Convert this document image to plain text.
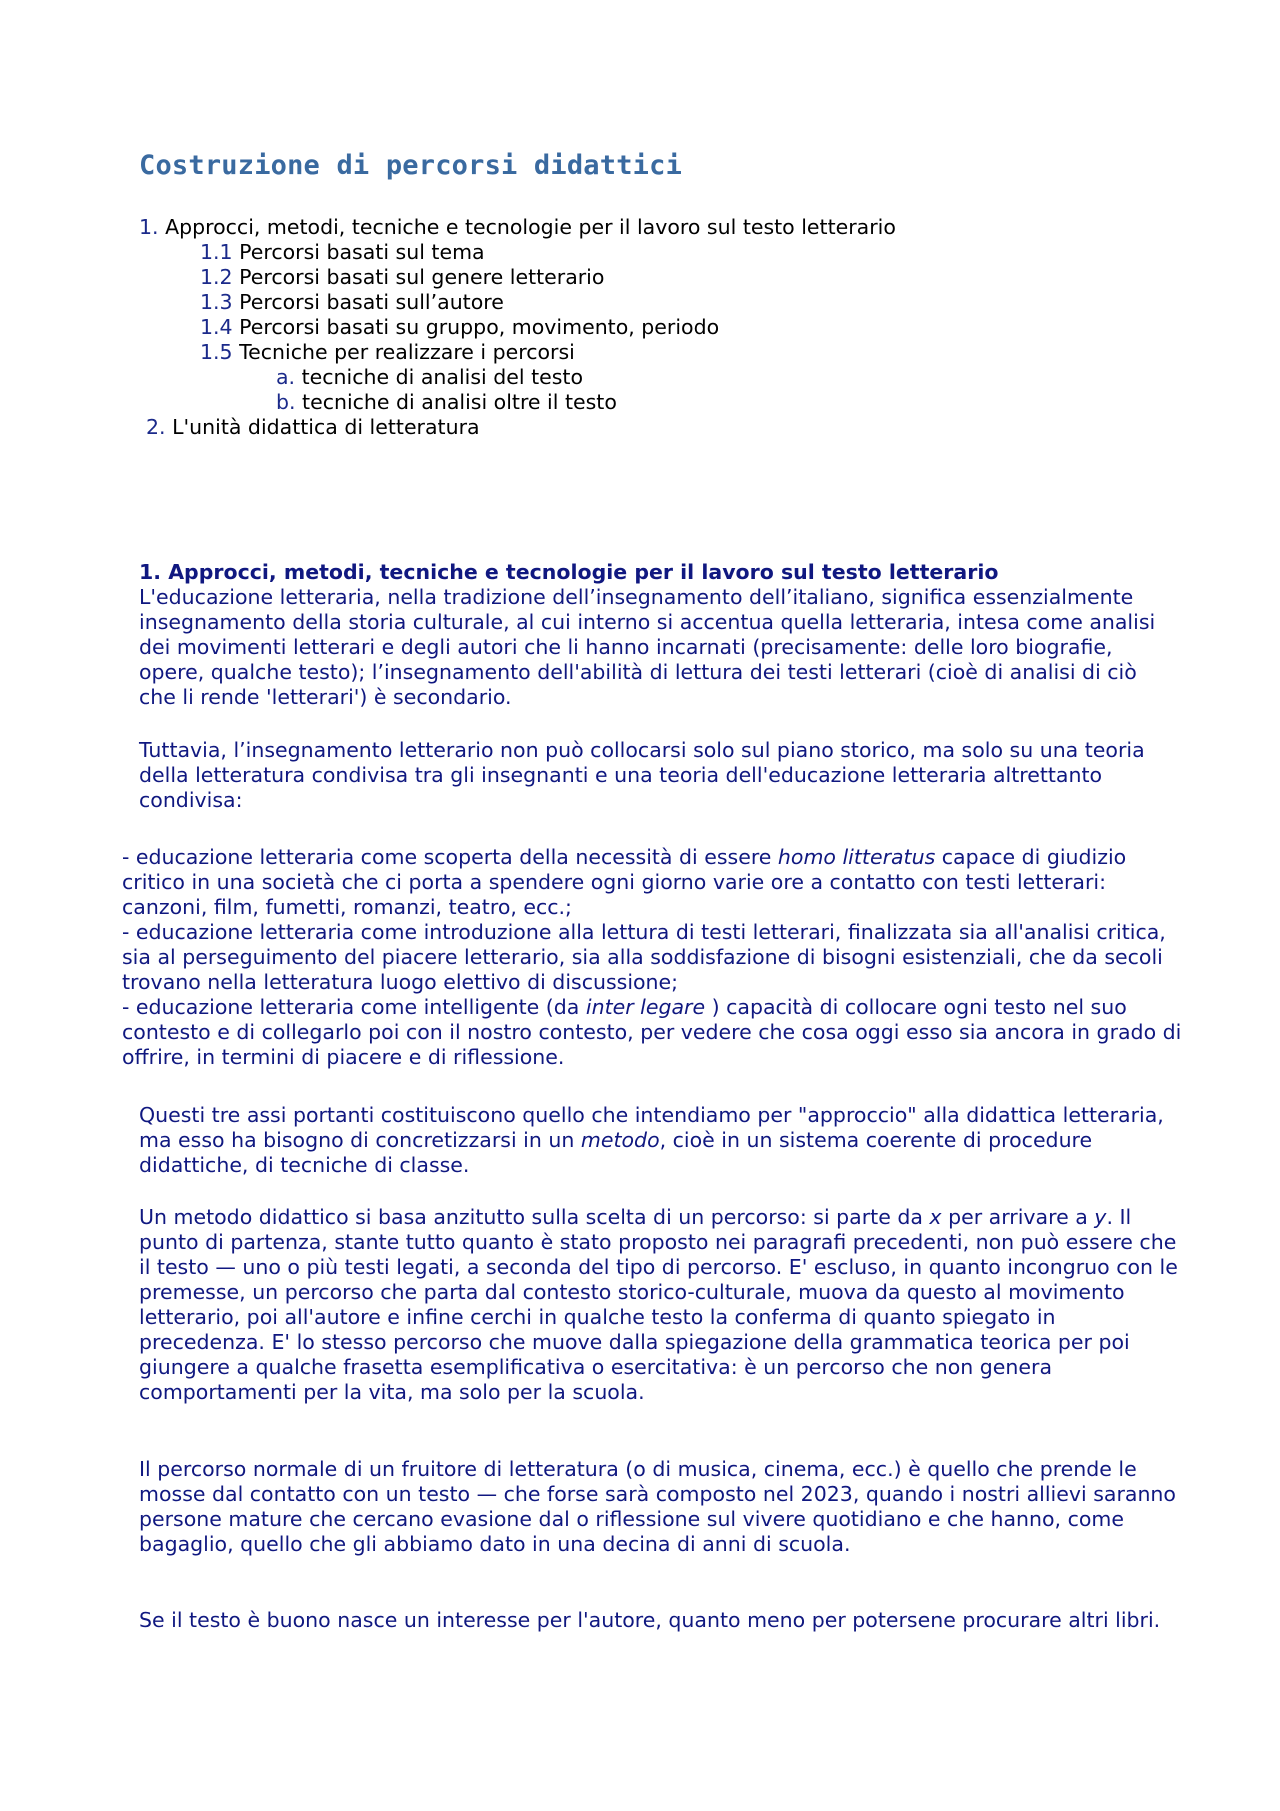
Costruzione di percorsi didattici
1. Approcci, metodi, tecniche e tecnologie per il lavoro sul testo letterario
1.1 Percorsi basati sul tema
1.2 Percorsi basati sul genere letterario
1.3 Percorsi basati sull’autore
1.4 Percorsi basati su gruppo, movimento, periodo
1.5 Tecniche per realizzare i percorsi
a. tecniche di analisi del testo
b. tecniche di analisi oltre il testo
2. L'unità didattica di letteratura
1. Approcci, metodi, tecniche e tecnologie per il lavoro sul testo letterario

L'educazione letteraria, nella tradizione dell’insegnamento dell’italiano, significa essenzialmente insegnamento della storia culturale, al cui interno si accentua quella letteraria, intesa come analisi dei movimenti letterari e degli autori che li hanno incarnati (precisamente: delle loro biografie, opere, qualche testo); l’insegnamento dell'abilità di lettura dei testi letterari (cioè di analisi di ciò che li rende 'letterari') è secondario.

Tuttavia, l’insegnamento letterario non può collocarsi solo sul piano storico, ma solo su una teoria della letteratura condivisa tra gli insegnanti e una teoria dell'educazione letteraria altrettanto condivisa:

- educazione letteraria come scoperta della necessità di essere homo litteratus capace di giudizio critico in una società che ci porta a spendere ogni giorno varie ore a contatto con testi letterari: canzoni, film, fumetti, romanzi, teatro, ecc.;

- educazione letteraria come introduzione alla lettura di testi letterari, finalizzata sia all'analisi critica, sia al perseguimento del piacere letterario, sia alla soddisfazione di bisogni esistenziali, che da secoli trovano nella letteratura luogo elettivo di discussione;

- educazione letteraria come intelligente (da inter legare ) capacità di collocare ogni testo nel suo contesto e di collegarlo poi con il nostro contesto, per vedere che cosa oggi esso sia ancora in grado di offrire, in termini di piacere e di riflessione.

Questi tre assi portanti costituiscono quello che intendiamo per "approccio" alla didattica letteraria, ma esso ha bisogno di concretizzarsi in un metodo, cioè in un sistema coerente di procedure didattiche, di tecniche di classe.

Un metodo didattico si basa anzitutto sulla scelta di un percorso: si parte da x per arrivare a y. Il punto di partenza, stante tutto quanto è stato proposto nei paragrafi precedenti, non può essere che il testo — uno o più testi legati, a seconda del tipo di percorso. E' escluso, in quanto incongruo con le premesse, un percorso che parta dal contesto storico-culturale, muova da questo al movimento letterario, poi all'autore e infine cerchi in qualche testo la conferma di quanto spiegato in precedenza. E' lo stesso percorso che muove dalla spiegazione della grammatica teorica per poi giungere a qualche frasetta esemplificativa o esercitativa: è un percorso che non genera comportamenti per la vita, ma solo per la scuola.

Il percorso normale di un fruitore di letteratura (o di musica, cinema, ecc.) è quello che prende le mosse dal contatto con un testo — che forse sarà composto nel 2023, quando i nostri allievi saranno persone mature che cercano evasione dal o riflessione sul vivere quotidiano e che hanno, come bagaglio, quello che gli abbiamo dato in una decina di anni di scuola.

Se il testo è buono nasce un interesse per l'autore, quanto meno per potersene procurare altri libri.
